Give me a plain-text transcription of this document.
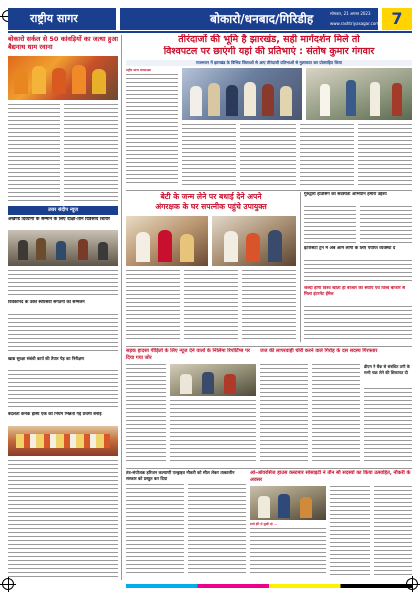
राष्ट्रीय सागर	बोकारो/धनबाद/गिरिडीह	सोमवार, 21 अगस्त 2023
www.rashtriyasagar.com 7
बोकारो सर्कल से 50 कांवड़ियों का जत्था हुआ बैद्यनाथ धाम रवाना
उत्तर संदीप न्यूज
अखण्ड दिव्यांगों के सम्मान के लिए दीक्षा-तीन दिवसीय शिविर
विवेकानंद के उक्त स्वयंसेवी संगठनों का सम्मेलन
खाद्य सुरक्षा संबंधी कार्य की तैयार पेड़ का निरीक्षण
बदलता कनक हास्य एक को नियम भिन्नता गई प्रथमी बनाई
तीरंदाजों की भूमि है झारखंड, सही मार्गदर्शन मिले तो
विश्वपटल पर छाएंगी यहां की प्रतिभाएं : संतोष कुमार गंगवार
राजभवन में झारखंड के विभिन्न जिलाओं से आए तीरंदाजी प्रतिभाओं से मुलाकात कर प्रोत्साहित किया
राष्ट्रीय सागर संवाददाता
बेटी के जन्म लेने पर बधाई देने अपने
अंगरक्षक के घर सपत्नीक पहुंचे उपायुक्त
गुरुद्वारा हाउसिंग का सदस्यता अभियान हमारा उद्देश्य
इंटरसिटी ट्रेन में अब आम लोगों के लिए पर्याप्त व्यवस्था दे
जल्दी होगा विश्व खाता ही बाजार की सेवाएं एवं विश्व बाजार से मिला इंटरनेट ईमेल
सड़क हादसा पीड़ितों के लिए न्यूज देने वालों के निलिमा रिपोर्टिंग्स पर दिया गया जोर
जज की लापरवाही चोरी करने वाले गिरोह के दस सदस्य गिरफ्तार
डीएम ने बैंक से संबंधित ठगी के सभी चक्र लेने की शिकायत दी
तंत्र-संयोजक हरिजन कल्याणी एल्ड्राइव नौकरी को सील लेकर तत्कालीन सरकार को प्रस्तुत कर दिया
ओ-ओवरसिज हाउस कस्टमार सोसाइटी ने तीन सौ सदस्यों का किया उत्साहित, नौकरी के अवसर
बच्चे हीरे से सुखी रहे ...
